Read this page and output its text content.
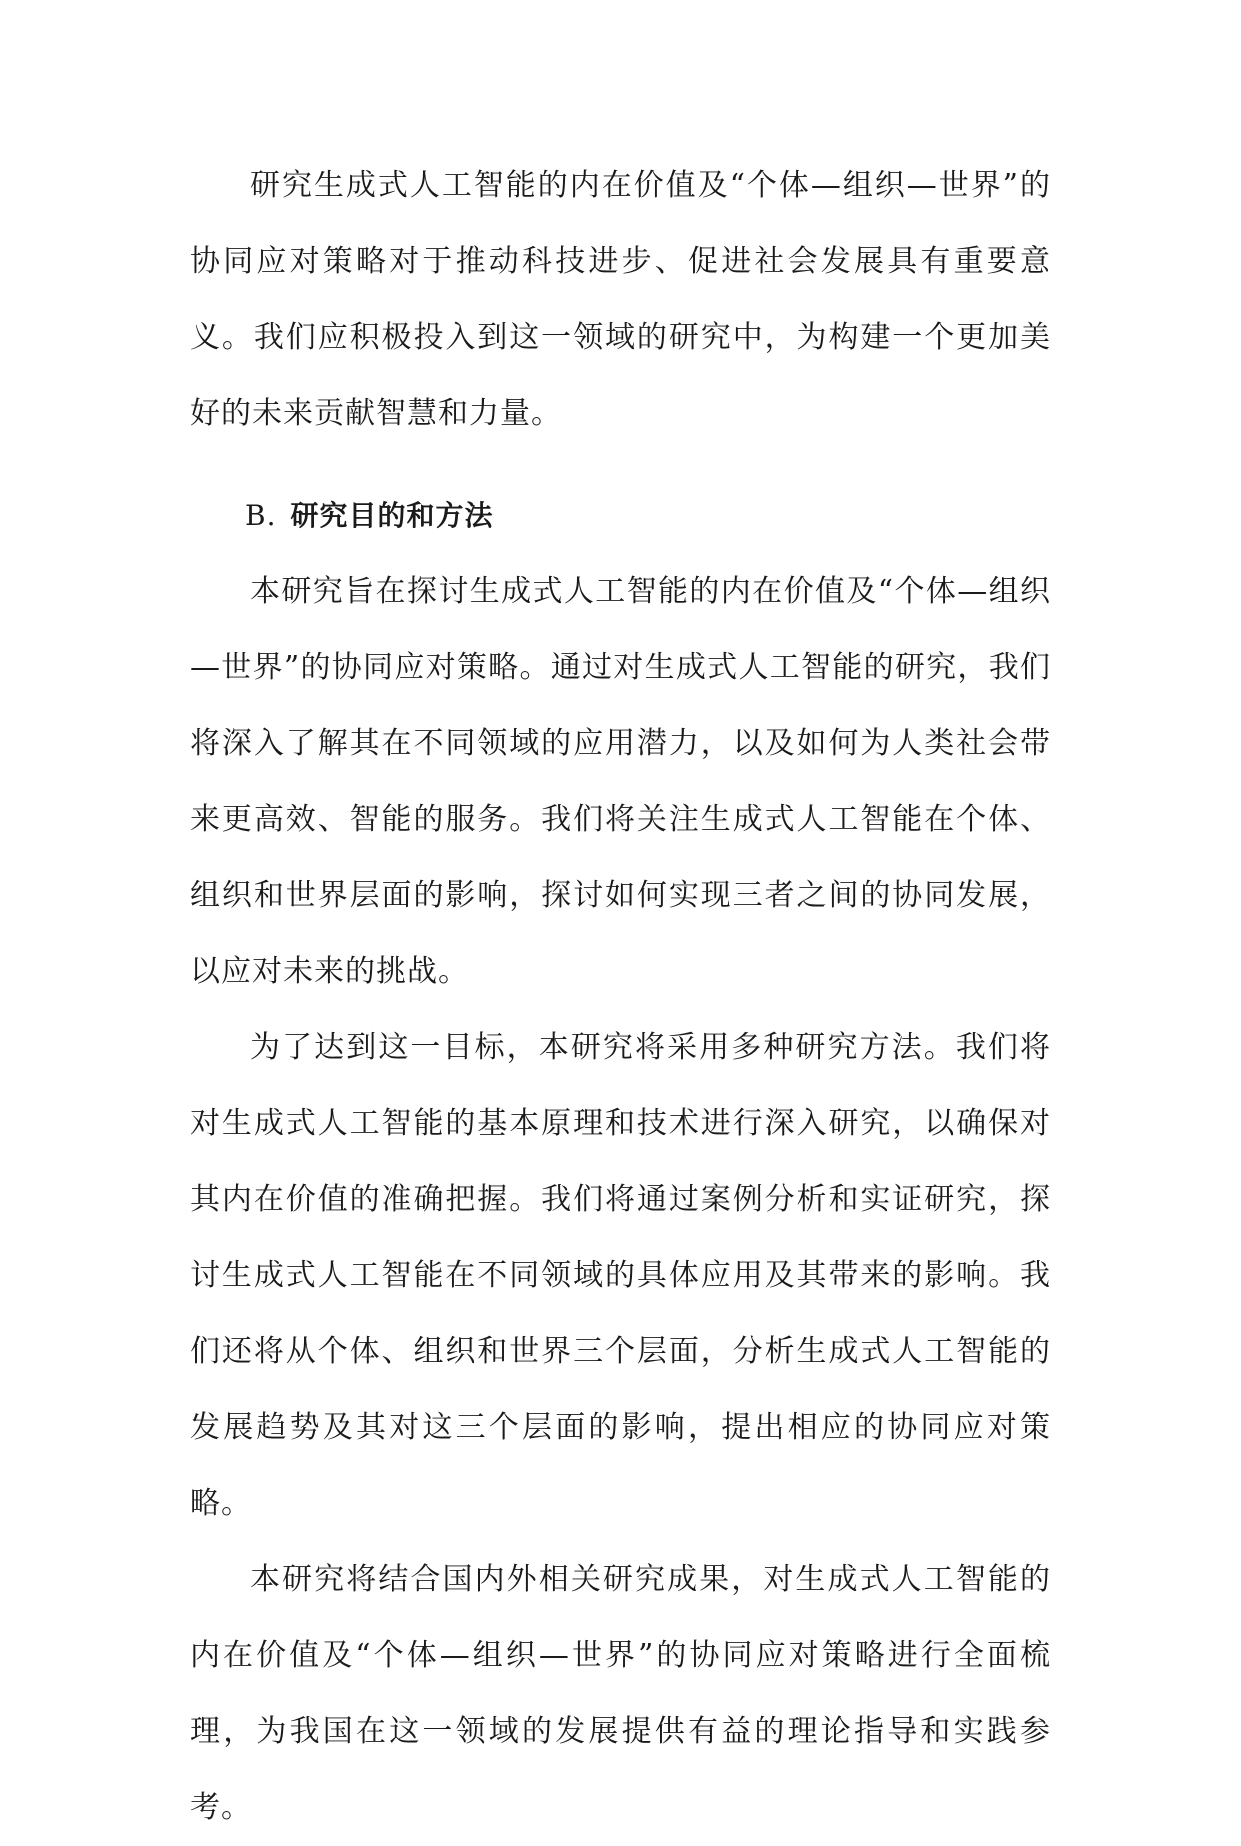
研究生成式人工智能的内在价值及“个体—组织—世界”的协同应对策略对于推动科技进步、促进社会发展具有重要意义。我们应积极投入到这一领域的研究中，为构建一个更加美好的未来贡献智慧和力量。

B. 研究目的和方法

本研究旨在探讨生成式人工智能的内在价值及“个体—组织—世界”的协同应对策略。通过对生成式人工智能的研究，我们将深入了解其在不同领域的应用潜力，以及如何为人类社会带来更高效、智能的服务。我们将关注生成式人工智能在个体、组织和世界层面的影响，探讨如何实现三者之间的协同发展，以应对未来的挑战。

为了达到这一目标，本研究将采用多种研究方法。我们将对生成式人工智能的基本原理和技术进行深入研究，以确保对其内在价值的准确把握。我们将通过案例分析和实证研究，探讨生成式人工智能在不同领域的具体应用及其带来的影响。我们还将从个体、组织和世界三个层面，分析生成式人工智能的发展趋势及其对这三个层面的影响，提出相应的协同应对策略。

本研究将结合国内外相关研究成果，对生成式人工智能的内在价值及“个体—组织—世界”的协同应对策略进行全面梳理，为我国在这一领域的发展提供有益的理论指导和实践参考。
